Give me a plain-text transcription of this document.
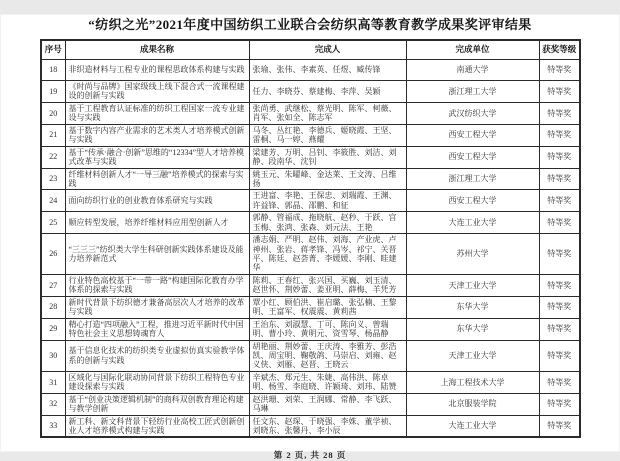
“纺织之光”2021年度中国纺织工业联合会纺织高等教育教学成果奖评审结果
序号	成果名称	完成人	完成单位	获奖等级
18	非织造材料与工程专业的课程思政体系构建与实践	张瑜、张伟、李素英、任煜、臧传锋	南通大学	特等奖
19	《时尚与品牌》国家级线上线下混合式一流课程建设的创新与实践	任力、李晓芬、蔡建梅、李萍、吴颖	浙江理工大学	特等奖
20	基于工程教育认证标准的纺织工程国家一流专业建设与实践	张尚勇、武继松、蔡光明、陈军、柯薇、肖军、张如全、陈志军	武汉纺织大学	特等奖
21	基于数字内容产业需求的艺术类人才培养模式创新与实践	马冬、丛红艳、李德兵、姬晓霞、王坚、雷桐、马一婷、燕耀	西安工程大学	特等奖
22	基于“传承·融合·创新”思维的“12334”型人才培养模式改革与实践	梁建芳、万明、吕钊、李筱胜、刘洁、刘静、段南华、沈钊	西安工程大学	特等奖
23	纤维材料创新人才“一导三融”培养模式的探索与实践	姚玉元、朱曜峰、金达莱、王文涛、吕维扬	浙江理工大学	特等奖
24	面向纺织行业的创业教育体系研究与实践	王进富、李艳、王保忠、刘瑞霞、王渊、许益锋、郭晶、邵鹏、和征	西安工程大学	特等奖
25	顺应转型发展，培养纤维材料应用型创新人才	郭静、管福成、拖晓航、赵秒、于跃、宫玉梅、张鸿、张森、刘元法、王艳	大连工业大学	特等奖
26	“三三三”纺织类大学生科研创新实践体系建设及能力培养新范式	潘志娟、严明、赵伟、刘海、产业虎、卢神州、张岩、蒋孝锋、冯岑、祁宁、关晋平、陈廷、赵荟菁、李媛媛、李刚、眭建华	苏州大学	特等奖
27	行业特色高校基于“一带一路”构建国际化教育办学体系的探索与实践	陈莉、王春红、张兴国、买巍、刘玉清、赵世怀、荆妙蕾、姜亚明、薛梅、羊凭芳	天津工业大学	特等奖
28	新时代背景下纺织德才兼备高层次人才培养的改革与实践	覃小红、顾伯洪、崔启璐、张弘楠、王黎明、王富军、权震震、黄莉茜	东华大学	特等奖
29	精心打造“四项融入”工程，推进习近平新时代中国特色社会主义思想铸魂育人	王治东、刘淑慧、丁可、陈向义、曾瑞明、曹小玲、黄明元、资雪琴、杨晶静	东华大学	特等奖
30	基于信息化技术的纺织类专业虚拟仿真实验教学体系的创新与实践	胡艳丽、荆妙蕾、王庆涛、李雅芳、彭浩凯、周宝明、鞠敬鸽、马崇启、刘雍、赵义侠、刘雁、赵晋、王晓云	天津工业大学	特等奖
31	区域化与国际化联动协同背景下纺织工程特色专业建设探索与实践	辛斌杰、郑元生、朱婕、高伟洪、陈卓明、杨雪、李庭晓、许颖琦、刘玮、陆赞	上海工程技术大学	特等奖
32	基于“创业决策逻辑机制”的商科双创教育理论构建与教学创新	赵洪珊、刘荣、王润娜、常静、李飞跃、马琳	北京服装学院	特等奖
33	新工科、新文科背景下轻纺行业高校工匠式创新创业人才培养模式构建与实践	任文东、赵琛、于晓强、李姝、董学祯、刘晓东、张馨丹、李小辰	大连工业大学	特等奖
第 2 页, 共 28 页
